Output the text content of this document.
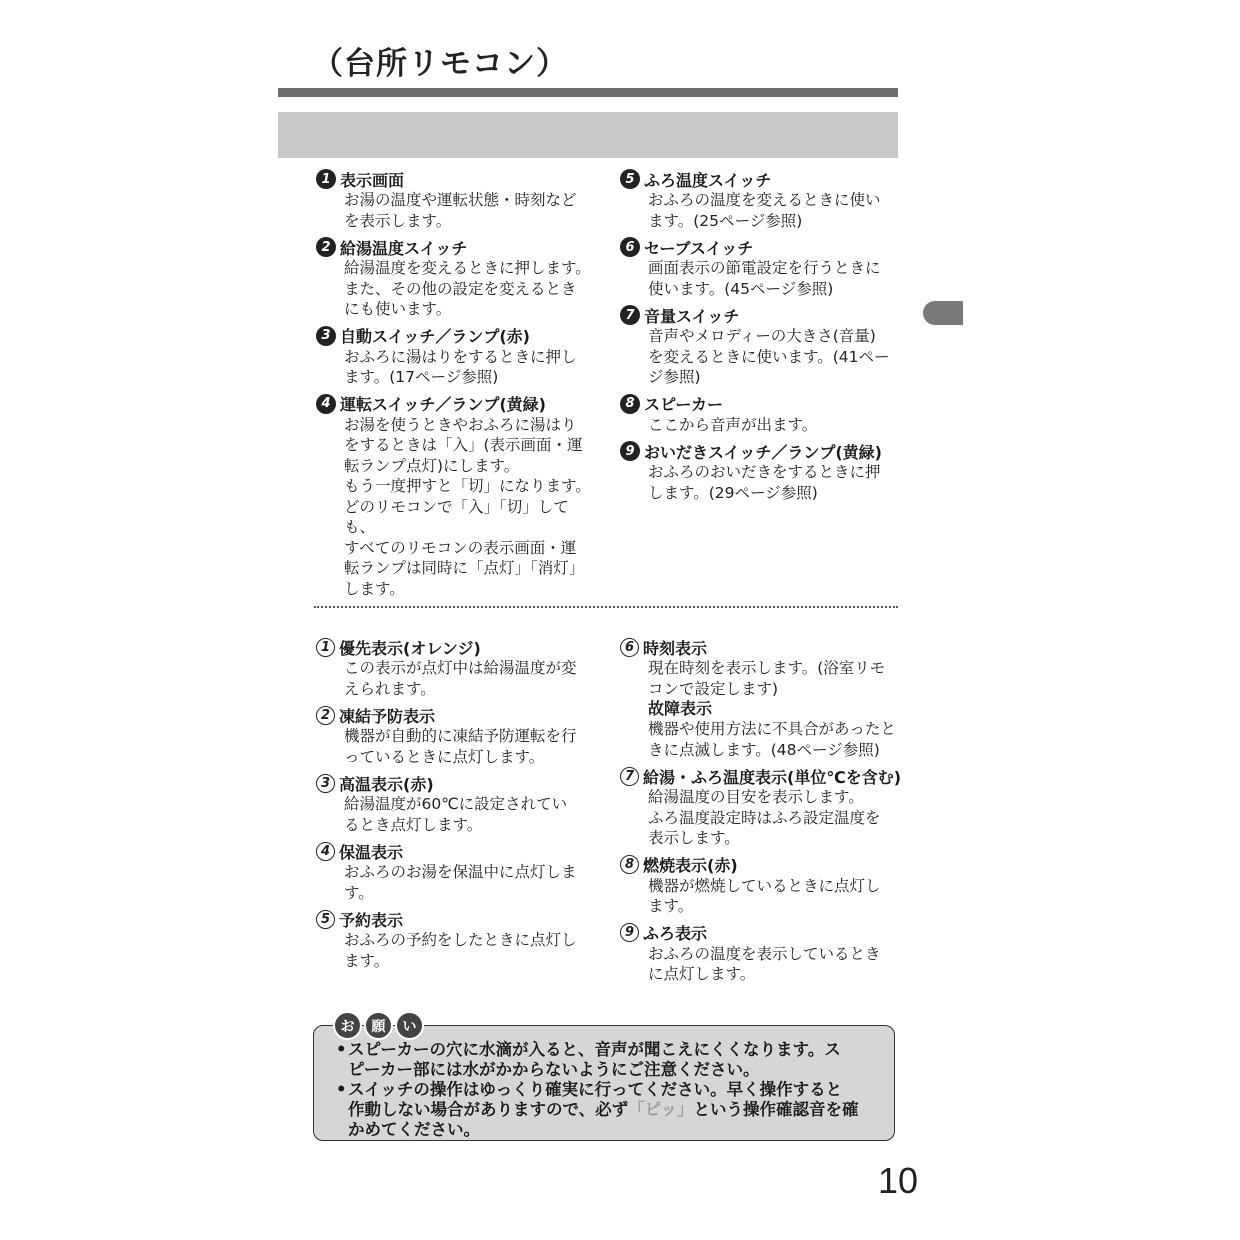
（台所リモコン）
1 表示画面
お湯の温度や運転状態・時刻など
を表示します。
2 給湯温度スイッチ
給湯温度を変えるときに押します。
また、その他の設定を変えるとき
にも使います。
3 自動スイッチ／ランプ(赤)
おふろに湯はりをするときに押し
ます。(17ページ参照)
4 運転スイッチ／ランプ(黄緑)
お湯を使うときやおふろに湯はり
をするときは「入」(表示画面・運
転ランプ点灯)にします。
もう一度押すと「切」になります。
どのリモコンで「入」「切」しても、
すべてのリモコンの表示画面・運
転ランプは同時に「点灯」「消灯」
します。
5 ふろ温度スイッチ
おふろの温度を変えるときに使い
ます。(25ページ参照)
6 セーブスイッチ
画面表示の節電設定を行うときに
使います。(45ページ参照)
7 音量スイッチ
音声やメロディーの大きさ(音量)
を変えるときに使います。(41ペー
ジ参照)
8 スピーカー
ここから音声が出ます。
9 おいだきスイッチ／ランプ(黄緑)
おふろのおいだきをするときに押
します。(29ページ参照)
1 優先表示(オレンジ)
この表示が点灯中は給湯温度が変
えられます。
2 凍結予防表示
機器が自動的に凍結予防運転を行
っているときに点灯します。
3 高温表示(赤)
給湯温度が60℃に設定されてい
るとき点灯します。
4 保温表示
おふろのお湯を保温中に点灯しま
す。
5 予約表示
おふろの予約をしたときに点灯し
ます。
6 時刻表示
現在時刻を表示します。(浴室リモ
コンで設定します)
故障表示
機器や使用方法に不具合があったと
きに点滅します。(48ページ参照)
7 給湯・ふろ温度表示(単位℃を含む)
給湯温度の目安を表示します。
ふろ温度設定時はふろ設定温度を
表示します。
8 燃焼表示(赤)
機器が燃焼しているときに点灯し
ます。
9 ふろ表示
おふろの温度を表示しているとき
に点灯します。
お	願	い
• スピーカーの穴に水滴が入ると、音声が聞こえにくくなります。ス
ピーカー部には水がかからないようにご注意ください。
• スイッチの操作はゆっくり確実に行ってください。早く操作すると
作動しない場合がありますので、必ず「ピッ」という操作確認音を確
かめてください。
10
